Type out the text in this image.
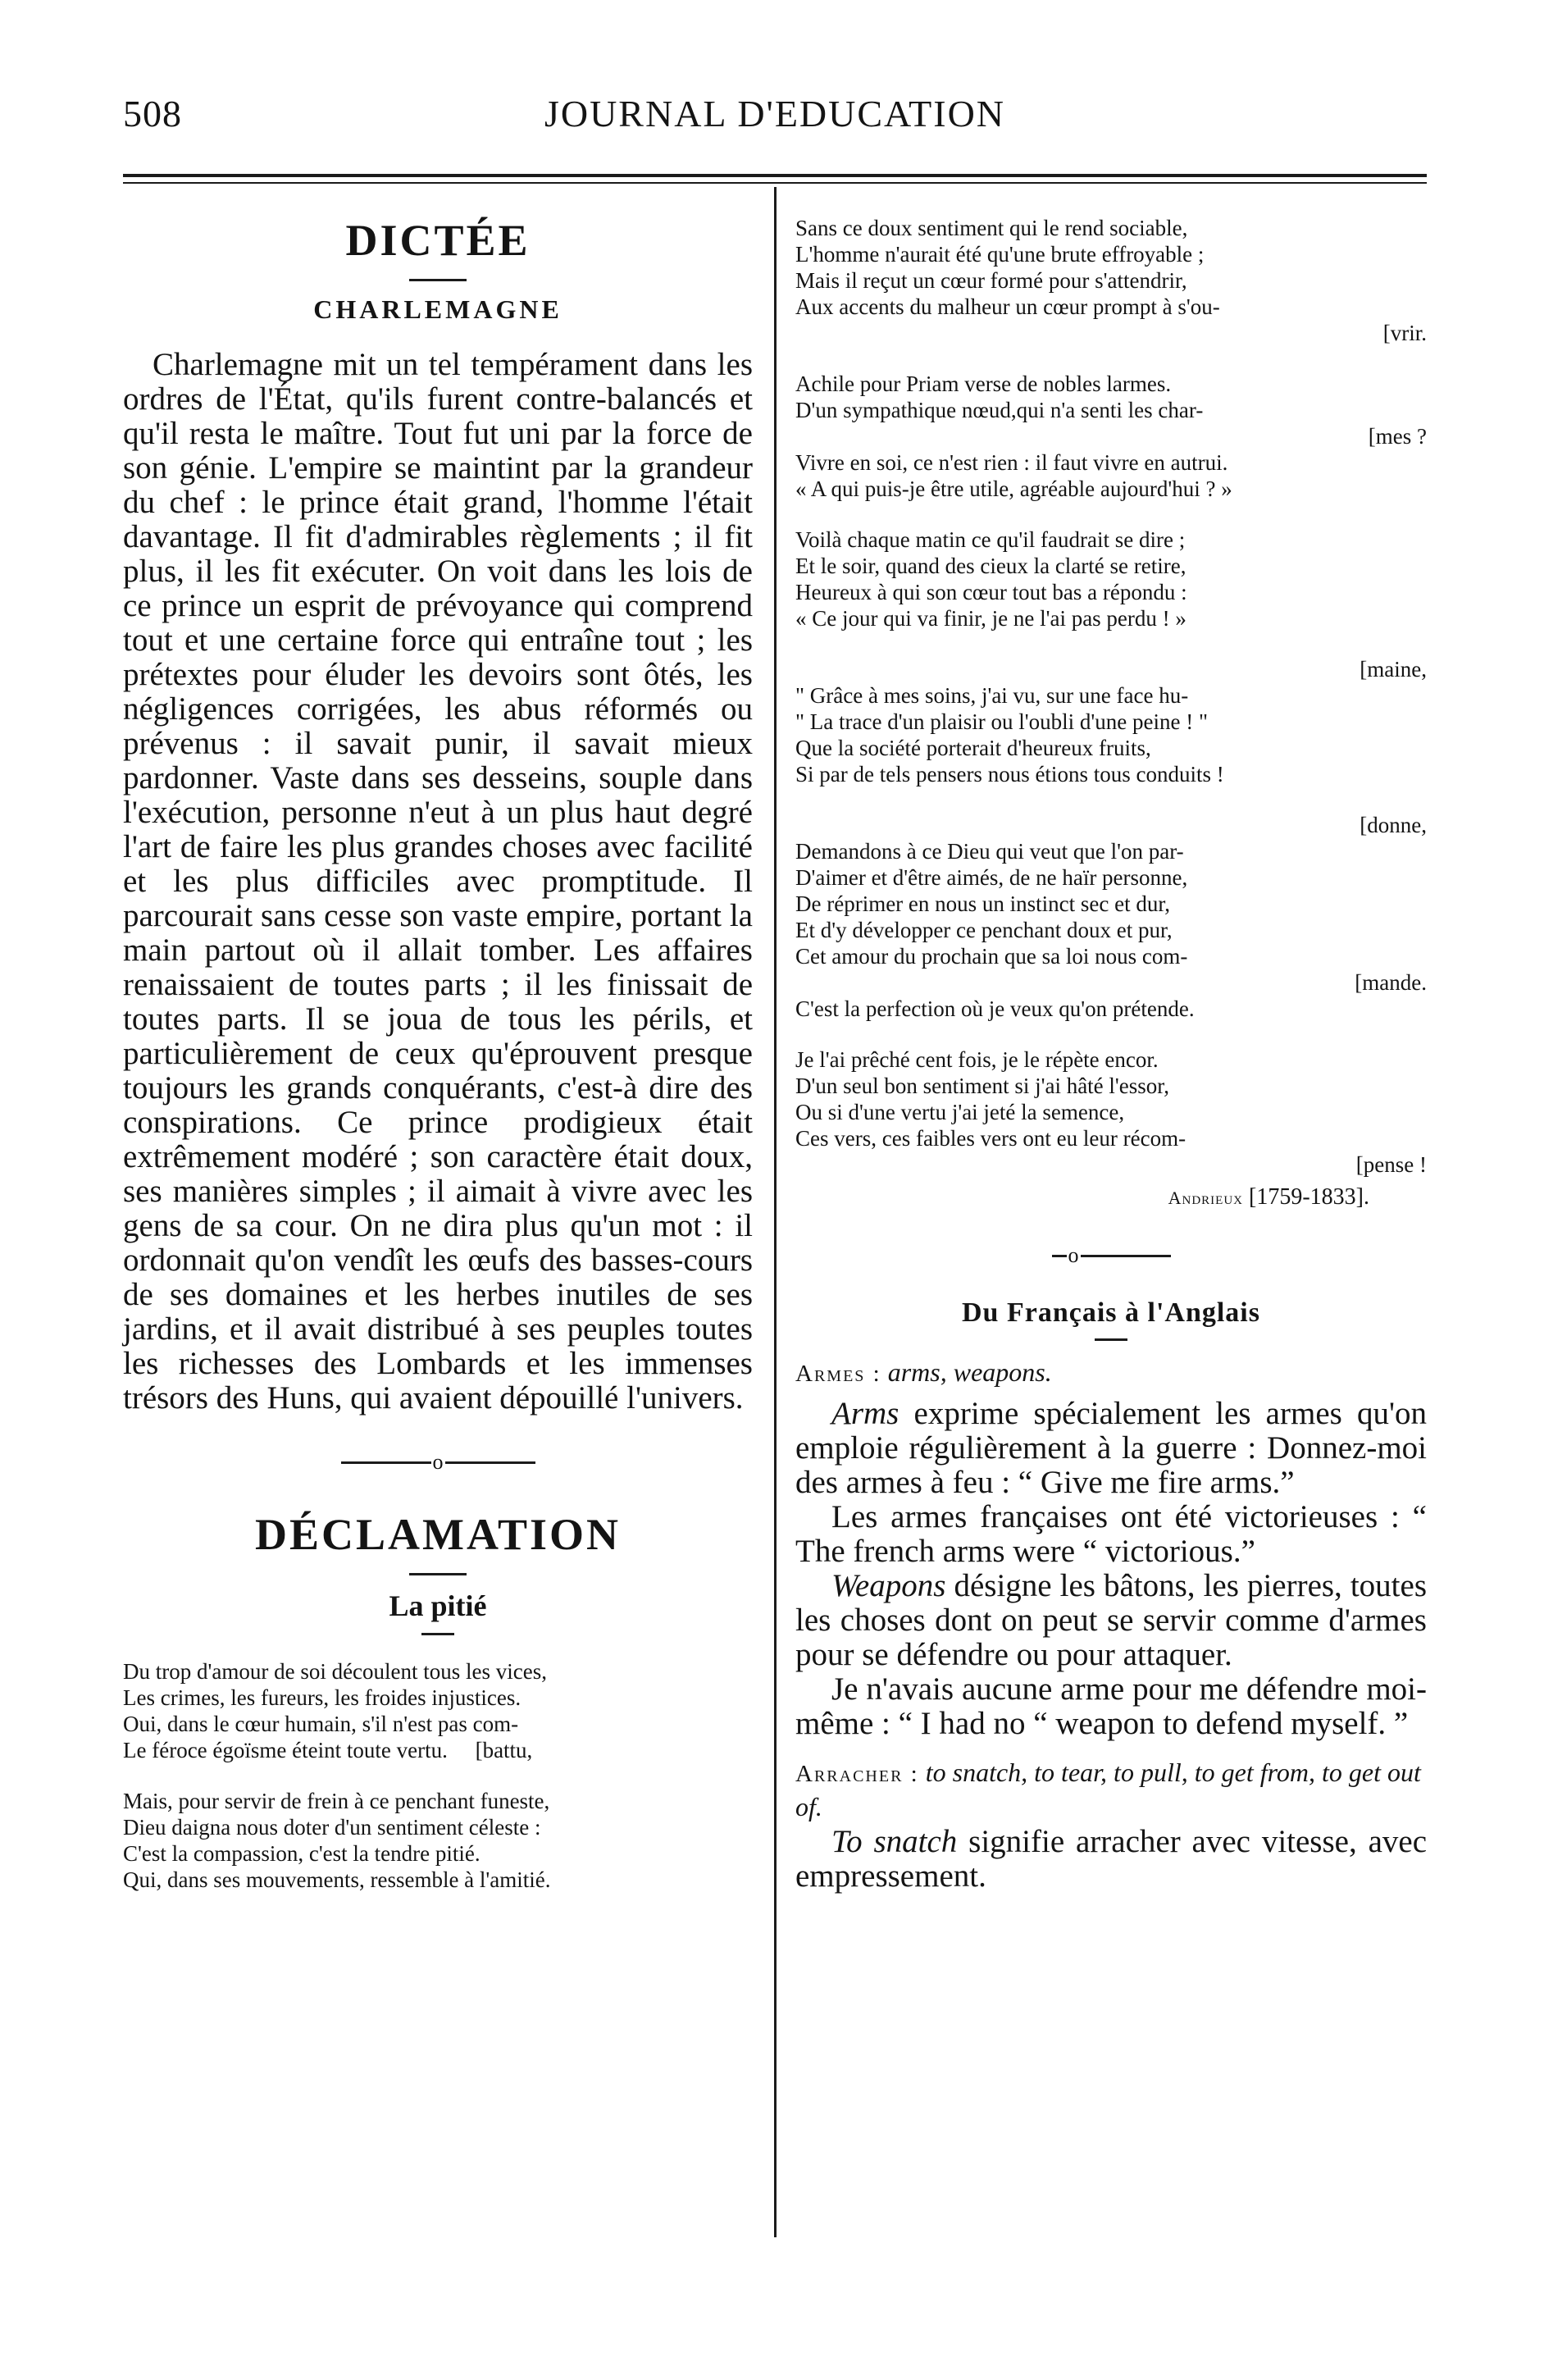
508	JOURNAL D'EDUCATION
DICTÉE
CHARLEMAGNE

Charlemagne mit un tel tempérament dans les ordres de l'État, qu'ils furent contre-balancés et qu'il resta le maître. Tout fut uni par la force de son génie. L'empire se maintint par la grandeur du chef : le prince était grand, l'homme l'était davantage. Il fit d'admirables règlements ; il fit plus, il les fit exécuter. On voit dans les lois de ce prince un esprit de prévoyance qui comprend tout et une certaine force qui entraîne tout ; les prétextes pour éluder les devoirs sont ôtés, les négligences corrigées, les abus réformés ou prévenus : il savait punir, il savait mieux pardonner. Vaste dans ses desseins, souple dans l'exécution, personne n'eut à un plus haut degré l'art de faire les plus grandes choses avec facilité et les plus difficiles avec promptitude. Il parcourait sans cesse son vaste empire, portant la main partout où il allait tomber. Les affaires renaissaient de toutes parts ; il les finissait de toutes parts. Il se joua de tous les périls, et particulièrement de ceux qu'éprouvent presque toujours les grands conquérants, c'est-à dire des conspirations. Ce prince prodigieux était extrêmement modéré ; son caractère était doux, ses manières simples ; il aimait à vivre avec les gens de sa cour. On ne dira plus qu'un mot : il ordonnait qu'on vendît les œufs des basses-cours de ses domaines et les herbes inutiles de ses jardins, et il avait distribué à ses peuples toutes les richesses des Lombards et les immenses trésors des Huns, qui avaient dépouillé l'univers.

o
DÉCLAMATION
La pitié
Du trop d'amour de soi découlent tous les vices,
Les crimes, les fureurs, les froides injustices.
Oui, dans le cœur humain, s'il n'est pas com-
Le féroce égoïsme éteint toute vertu.     [battu,
Mais, pour servir de frein à ce penchant funeste,
Dieu daigna nous doter d'un sentiment céleste :
C'est la compassion, c'est la tendre pitié.
Qui, dans ses mouvements, ressemble à l'amitié.
Sans ce doux sentiment qui le rend sociable,
L'homme n'aurait été qu'une brute effroyable ;
Mais il reçut un cœur formé pour s'attendrir,
Aux accents du malheur un cœur prompt à s'ou-
[vrir.
Achile pour Priam verse de nobles larmes.
D'un sympathique nœud,qui n'a senti les char-
[mes ?
Vivre en soi, ce n'est rien : il faut vivre en autrui.
« A qui puis-je être utile, agréable aujourd'hui ? »
Voilà chaque matin ce qu'il faudrait se dire ;
Et le soir, quand des cieux la clarté se retire,
Heureux à qui son cœur tout bas a répondu :
« Ce jour qui va finir, je ne l'ai pas perdu ! »
[maine,
" Grâce à mes soins, j'ai vu, sur une face hu-
" La trace d'un plaisir ou l'oubli d'une peine ! "
Que la société porterait d'heureux fruits,
Si par de tels pensers nous étions tous conduits !
[donne,
Demandons à ce Dieu qui veut que l'on par-
D'aimer et d'être aimés, de ne haïr personne,
De réprimer en nous un instinct sec et dur,
Et d'y développer ce penchant doux et pur,
Cet amour du prochain que sa loi nous com-
[mande.
C'est la perfection où je veux qu'on prétende.
Je l'ai prêché cent fois, je le répète encor.
D'un seul bon sentiment si j'ai hâté l'essor,
Ou si d'une vertu j'ai jeté la semence,
Ces vers, ces faibles vers ont eu leur récom-
[pense !
Andrieux [1759-1833].
o
Du Français à l'Anglais

Armes : arms, weapons.

Arms exprime spécialement les armes qu'on emploie régulièrement à la guerre : Donnez-moi des armes à feu : “ Give me fire arms.”

Les armes françaises ont été victorieuses : “ The french arms were “ victorious.”

Weapons désigne les bâtons, les pierres, toutes les choses dont on peut se servir comme d'armes pour se défendre ou pour attaquer.

Je n'avais aucune arme pour me défendre moi-même : “ I had no “ weapon to defend myself. ”

Arracher : to snatch, to tear, to pull, to get from, to get out of.

To snatch signifie arracher avec vitesse, avec empressement.
